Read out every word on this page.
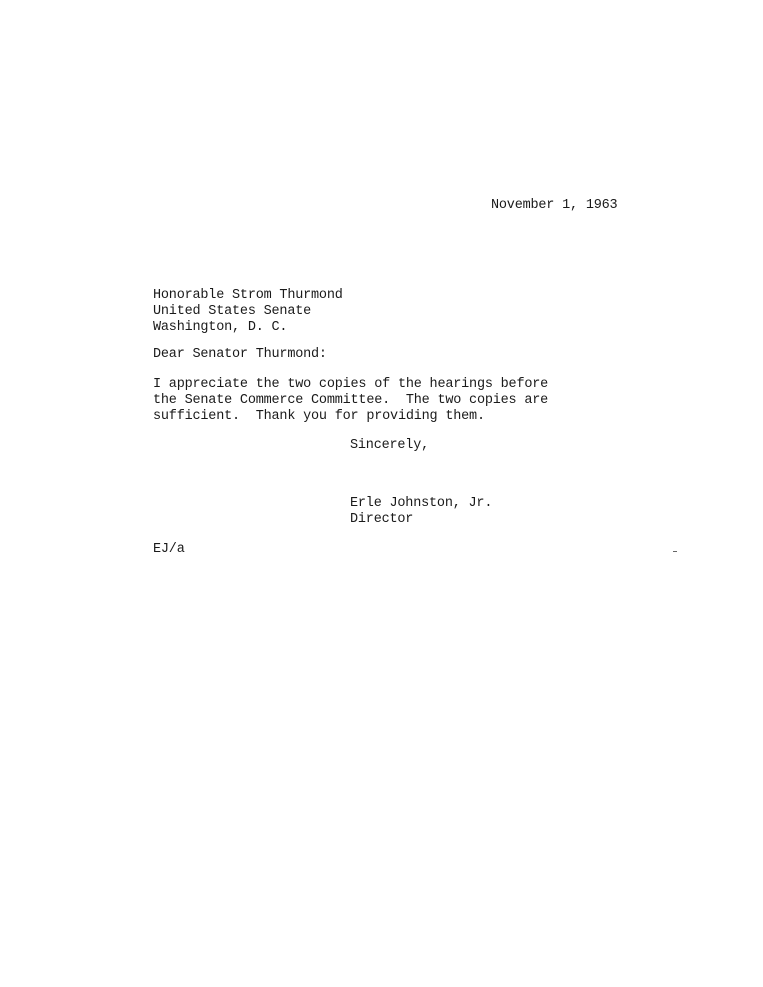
November 1, 1963
Honorable Strom Thurmond
United States Senate
Washington, D. C.
Dear Senator Thurmond:
I appreciate the two copies of the hearings before
the Senate Commerce Committee.  The two copies are
sufficient.  Thank you for providing them.
Sincerely,
Erle Johnston, Jr.
Director
EJ/a
